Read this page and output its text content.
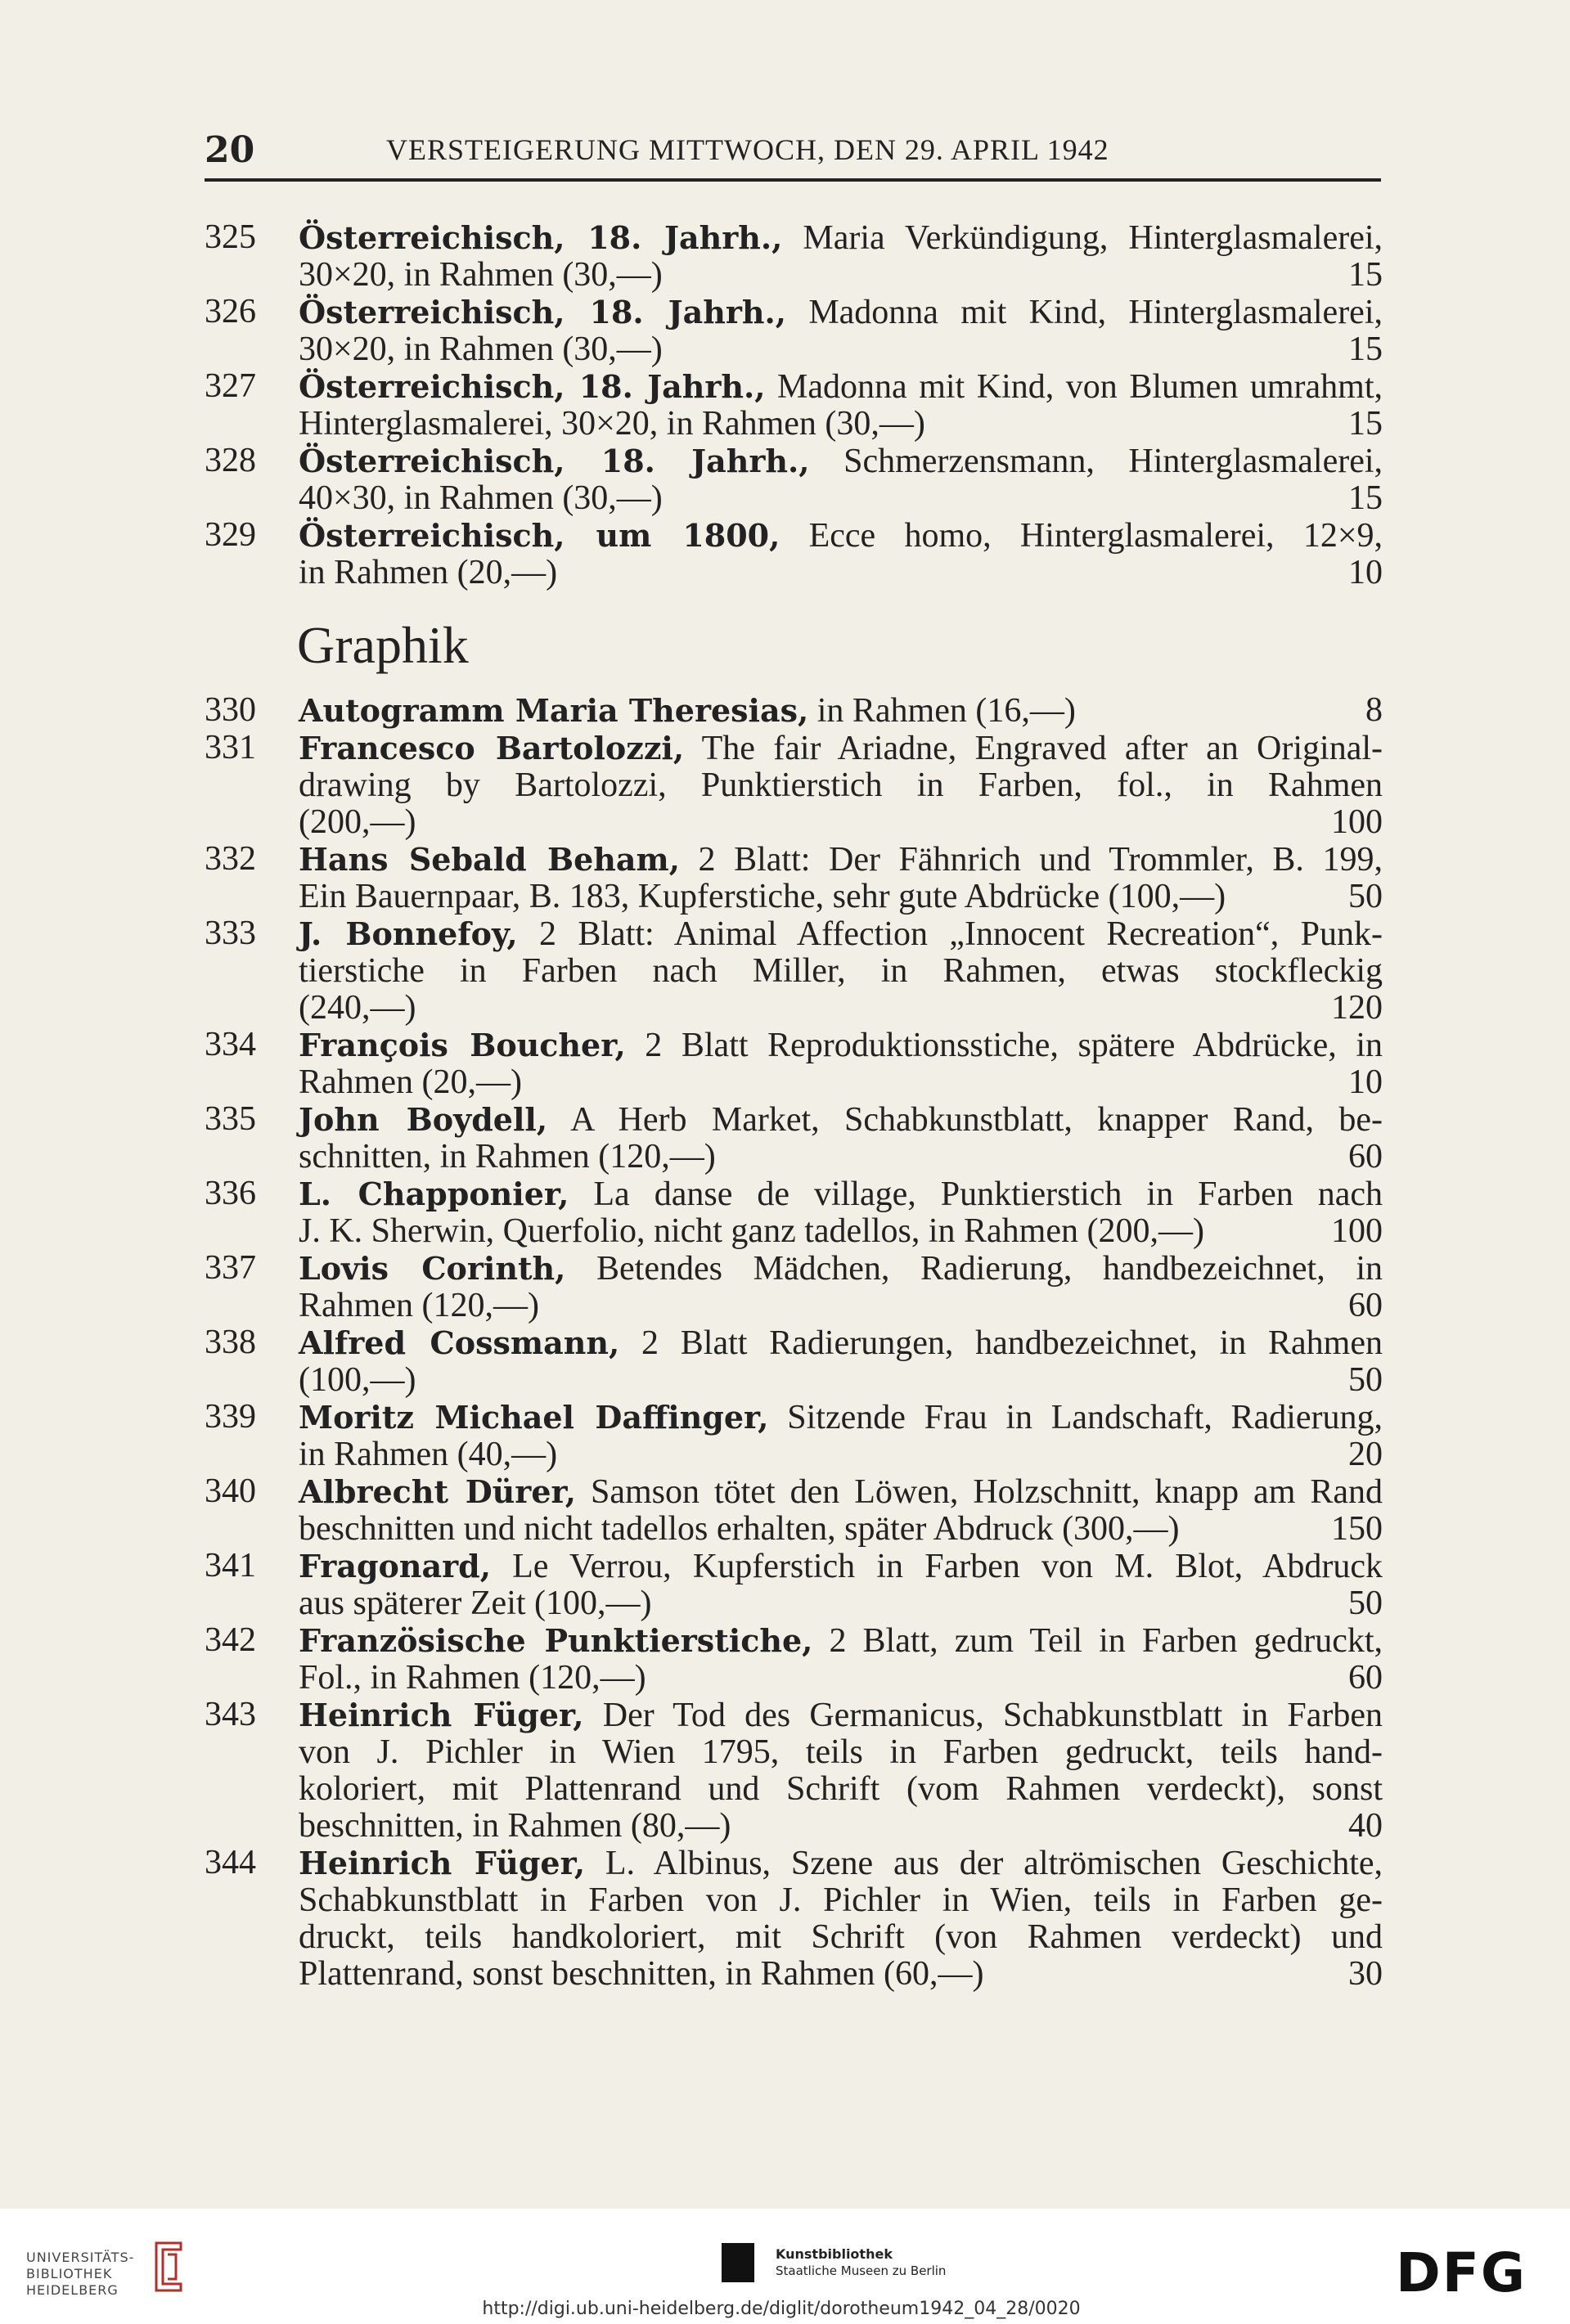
20	VERSTEIGERUNG MITTWOCH, DEN 29. APRIL 1942
325	Österreichisch, 18. Jahrh., Maria Verkündigung, Hinterglasmalerei,
30×20, in Rahmen (30,—)	15
326	Österreichisch, 18. Jahrh., Madonna mit Kind, Hinterglasmalerei,
30×20, in Rahmen (30,—)	15
327	Österreichisch, 18. Jahrh., Madonna mit Kind, von Blumen umrahmt,
Hinterglasmalerei, 30×20, in Rahmen (30,—)	15
328	Österreichisch, 18. Jahrh., Schmerzensmann, Hinterglasmalerei,
40×30, in Rahmen (30,—)	15
329	Österreichisch, um 1800, Ecce homo, Hinterglasmalerei, 12×9,
in Rahmen (20,—)	10
Graphik
330	Autogramm Maria Theresias, in Rahmen (16,—)	8
331	Francesco Bartolozzi, The fair Ariadne, Engraved after an Original-
drawing by Bartolozzi, Punktierstich in Farben, fol., in Rahmen
(200,—)	100
332	Hans Sebald Beham, 2 Blatt: Der Fähnrich und Trommler, B. 199,
Ein Bauernpaar, B. 183, Kupferstiche, sehr gute Abdrücke (100,—)	50
333	J. Bonnefoy, 2 Blatt: Animal Affection „Innocent Recreation“, Punk-
tierstiche in Farben nach Miller, in Rahmen, etwas stockfleckig
(240,—)	120
334	François Boucher, 2 Blatt Reproduktionsstiche, spätere Abdrücke, in
Rahmen (20,—)	10
335	John Boydell, A Herb Market, Schabkunstblatt, knapper Rand, be-
schnitten, in Rahmen (120,—)	60
336	L. Chapponier, La danse de village, Punktierstich in Farben nach
J. K. Sherwin, Querfolio, nicht ganz tadellos, in Rahmen (200,—)	100
337	Lovis Corinth, Betendes Mädchen, Radierung, handbezeichnet, in
Rahmen (120,—)	60
338	Alfred Cossmann, 2 Blatt Radierungen, handbezeichnet, in Rahmen
(100,—)	50
339	Moritz Michael Daffinger, Sitzende Frau in Landschaft, Radierung,
in Rahmen (40,—)	20
340	Albrecht Dürer, Samson tötet den Löwen, Holzschnitt, knapp am Rand
beschnitten und nicht tadellos erhalten, später Abdruck (300,—)	150
341	Fragonard, Le Verrou, Kupferstich in Farben von M. Blot, Abdruck
aus späterer Zeit (100,—)	50
342	Französische Punktierstiche, 2 Blatt, zum Teil in Farben gedruckt,
Fol., in Rahmen (120,—)	60
343	Heinrich Füger, Der Tod des Germanicus, Schabkunstblatt in Farben
von J. Pichler in Wien 1795, teils in Farben gedruckt, teils hand-
koloriert, mit Plattenrand und Schrift (vom Rahmen verdeckt), sonst
beschnitten, in Rahmen (80,—)	40
344	Heinrich Füger, L. Albinus, Szene aus der altrömischen Geschichte,
Schabkunstblatt in Farben von J. Pichler in Wien, teils in Farben ge-
druckt, teils handkoloriert, mit Schrift (von Rahmen verdeckt) und
Plattenrand, sonst beschnitten, in Rahmen (60,—)	30
UNIVERSITÄTS-
BIBLIOTHEK
HEIDELBERG
Kunstbibliothek
Staatliche Museen zu Berlin	DFG
http://digi.ub.uni-heidelberg.de/diglit/dorotheum1942_04_28/0020
